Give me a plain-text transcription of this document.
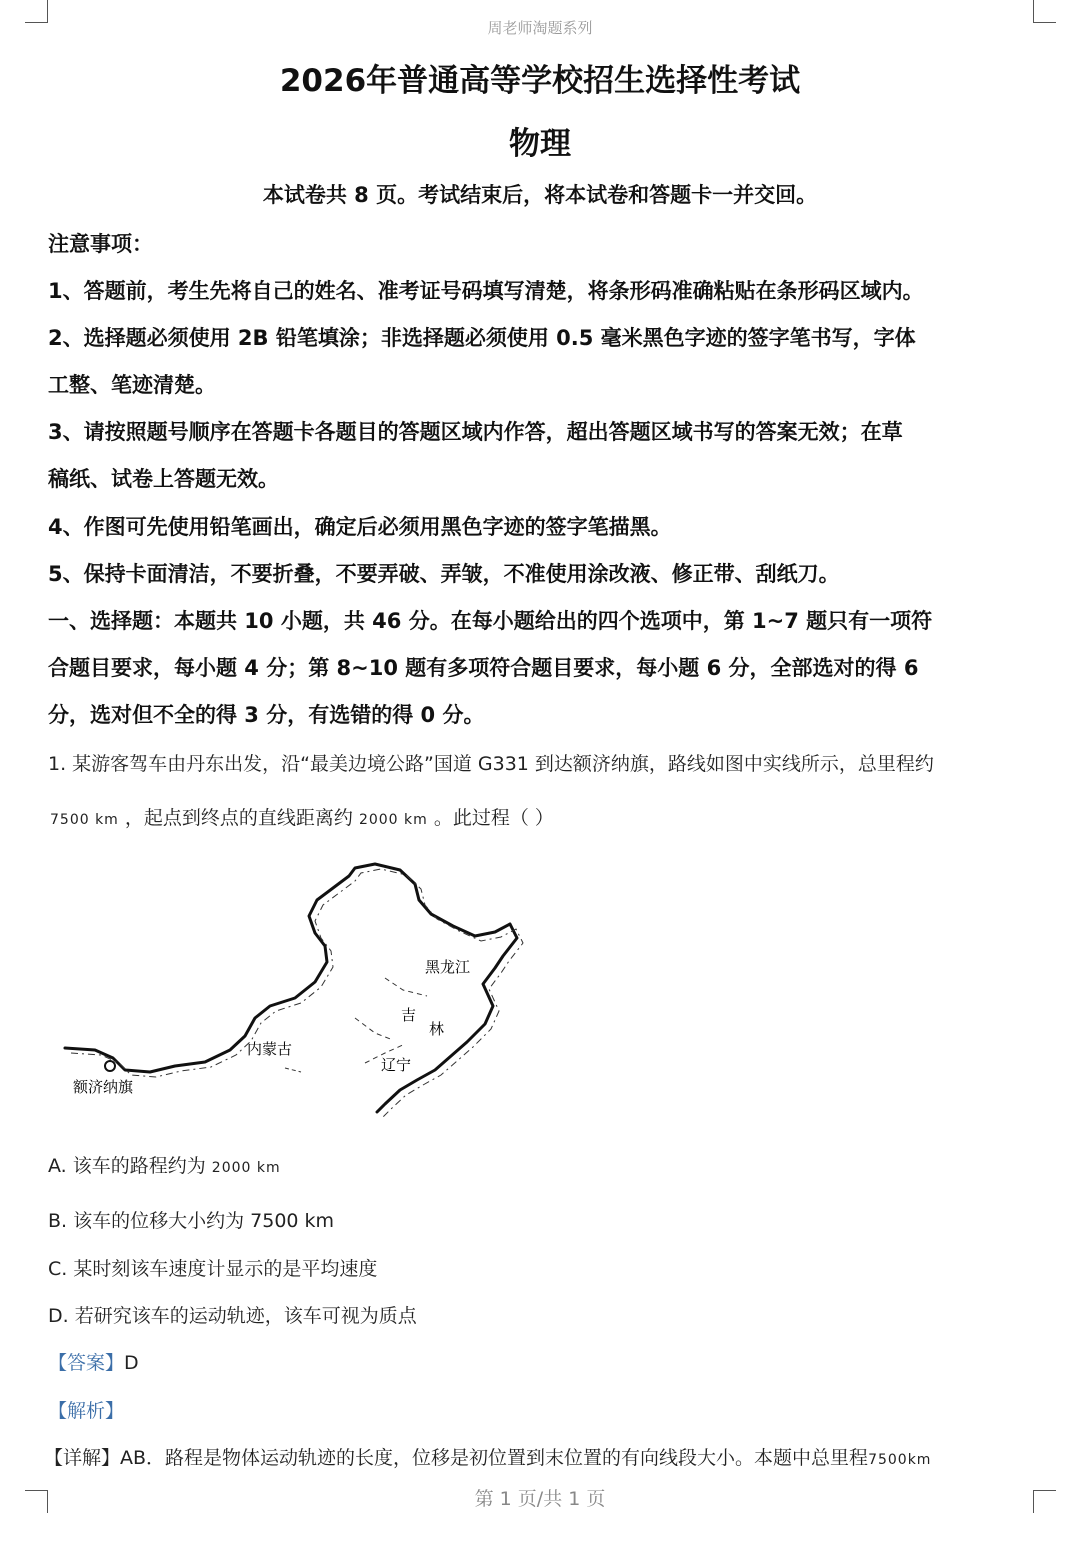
周老师淘题系列
2026年普通高等学校招生选择性考试
物理
本试卷共 8 页。考试结束后，将本试卷和答题卡一并交回。
注意事项：
1、答题前，考生先将自己的姓名、准考证号码填写清楚，将条形码准确粘贴在条形码区域内。
2、选择题必须使用 2B 铅笔填涂；非选择题必须使用 0.5 毫米黑色字迹的签字笔书写，字体
工整、笔迹清楚。
3、请按照题号顺序在答题卡各题目的答题区域内作答，超出答题区域书写的答案无效；在草
稿纸、试卷上答题无效。
4、作图可先使用铅笔画出，确定后必须用黑色字迹的签字笔描黑。
5、保持卡面清洁，不要折叠，不要弄破、弄皱，不准使用涂改液、修正带、刮纸刀。
一、选择题：本题共 10 小题，共 46 分。在每小题给出的四个选项中，第 1~7 题只有一项符
合题目要求，每小题 4 分；第 8~10 题有多项符合题目要求，每小题 6 分，全部选对的得 6
分，选对但不全的得 3 分，有选错的得 0 分。
1. 某游客驾车由丹东出发，沿“最美边境公路”国道 G331 到达额济纳旗，路线如图中实线所示，总里程约
7500 km ，起点到终点的直线距离约 2000 km 。此过程（ ）
黑龙江
吉
林
内蒙古
辽宁
额济纳旗
A. 该车的路程约为 2000 km
B. 该车的位移大小约为 7500 km
C. 某时刻该车速度计显示的是平均速度
D. 若研究该车的运动轨迹，该车可视为质点
【答案】D
【解析】
【详解】AB．路程是物体运动轨迹的长度，位移是初位置到末位置的有向线段大小。本题中总里程7500km
第 1 页/共 1 页
